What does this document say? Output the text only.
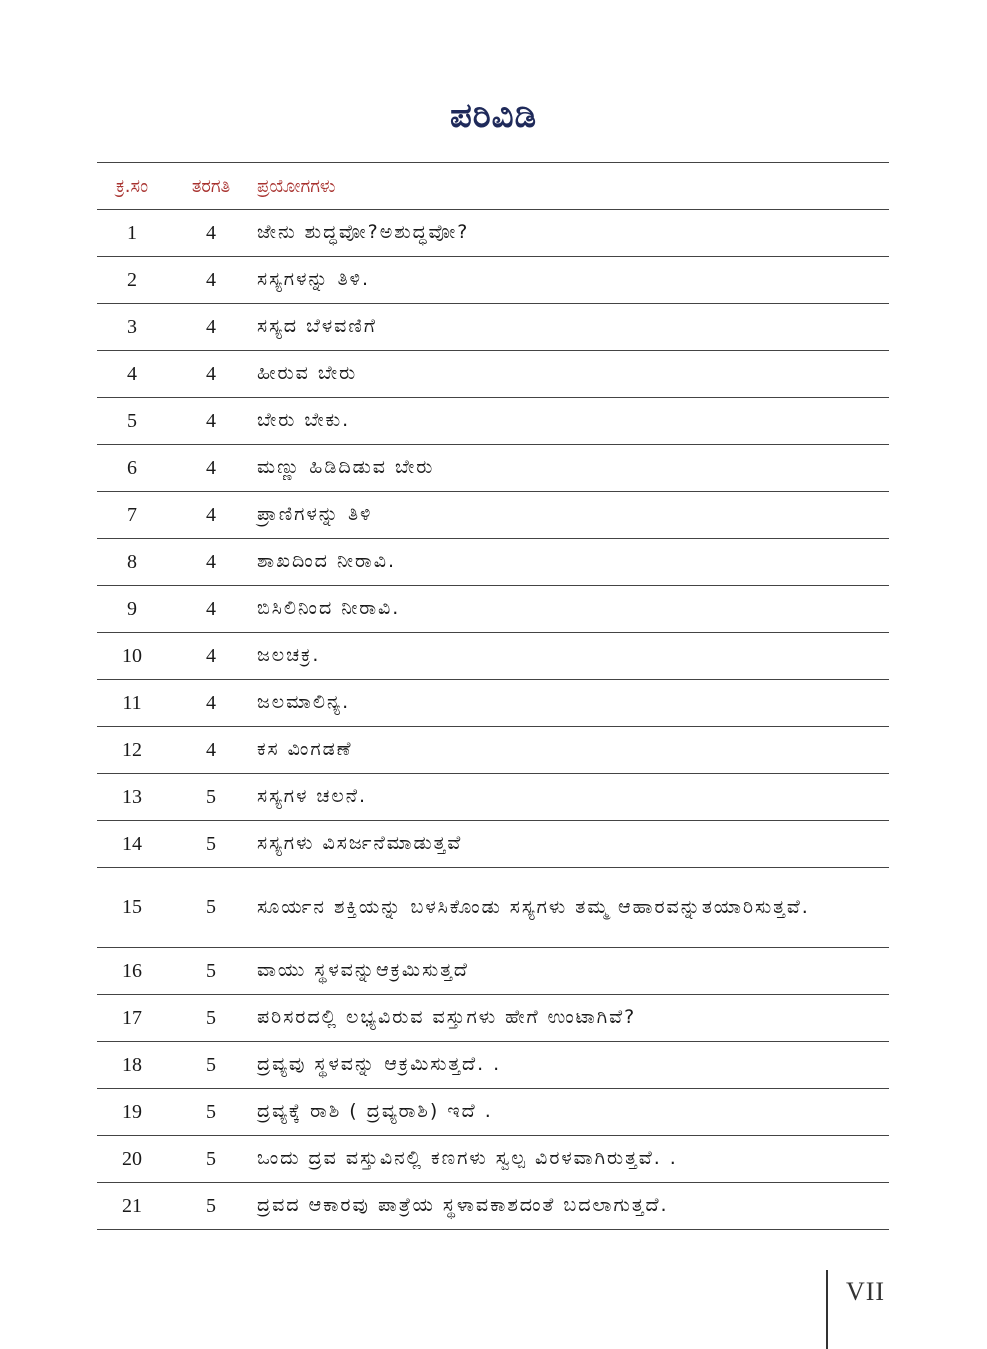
ಪರಿವಿಡಿ
ಕ್ರ.ಸಂ	ತರಗತಿ	ಪ್ರಯೋಗಗಳು
1	4	ಜೇನು ಶುದ್ಧವೋ?ಅಶುದ್ಧವೋ?
2	4	ಸಸ್ಯಗಳನ್ನು ತಿಳಿ.
3	4	ಸಸ್ಯದ ಬೆಳವಣಿಗೆ
4	4	ಹೀರುವ ಬೇರು
5	4	ಬೇರು ಬೇಕು.
6	4	ಮಣ್ಣು ಹಿಡಿದಿಡುವ ಬೇರು
7	4	ಪ್ರಾಣಿಗಳನ್ನು ತಿಳಿ
8	4	ಶಾಖದಿಂದ ನೀರಾವಿ.
9	4	ಬಿಸಿಲಿನಿಂದ ನೀರಾವಿ.
10	4	ಜಲಚಕ್ರ.
11	4	ಜಲಮಾಲಿನ್ಯ.
12	4	ಕಸ ವಿಂಗಡಣೆ
13	5	ಸಸ್ಯಗಳ ಚಲನೆ.
14	5	ಸಸ್ಯಗಳು ವಿಸರ್ಜನೆಮಾಡುತ್ತವೆ
15	5	ಸೂರ್ಯನ ಶಕ್ತಿಯನ್ನು ಬಳಸಿಕೊಂಡು ಸಸ್ಯಗಳು ತಮ್ಮ ಆಹಾರವನ್ನುತಯಾರಿಸುತ್ತವೆ.
16	5	ವಾಯು ಸ್ಥಳವನ್ನುಆಕ್ರಮಿಸುತ್ತದೆ
17	5	ಪರಿಸರದಲ್ಲಿ ಲಭ್ಯವಿರುವ ವಸ್ತುಗಳು ಹೇಗೆ ಉಂಟಾಗಿವೆ?
18	5	ದ್ರವ್ಯವು ಸ್ಥಳವನ್ನು ಆಕ್ರಮಿಸುತ್ತದೆ. .
19	5	ದ್ರವ್ಯಕ್ಕೆ ರಾಶಿ ( ದ್ರವ್ಯರಾಶಿ) ಇದೆ .
20	5	ಒಂದು ದ್ರವ ವಸ್ತುವಿನಲ್ಲಿ ಕಣಗಳು ಸ್ವಲ್ಪ ವಿರಳವಾಗಿರುತ್ತವೆ. .
21	5	ದ್ರವದ ಆಕಾರವು ಪಾತ್ರೆಯ ಸ್ಥಳಾವಕಾಶದಂತೆ ಬದಲಾಗುತ್ತದೆ.
VII
